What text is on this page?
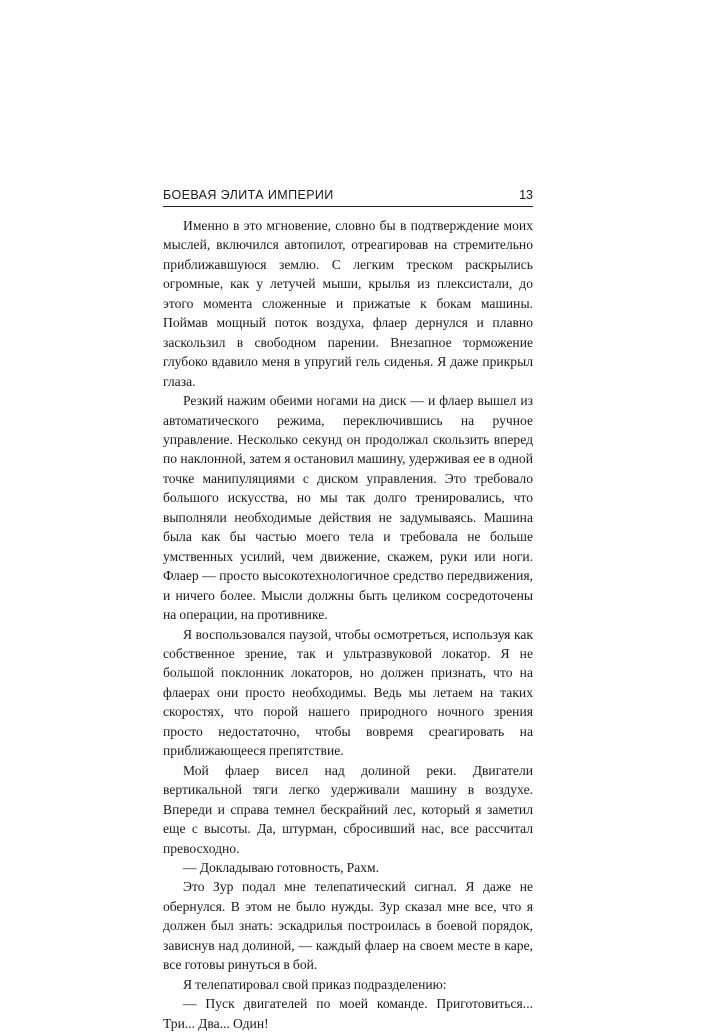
БОЕВАЯ ЭЛИТА ИМПЕРИИ	13

Именно в это мгновение, словно бы в подтверждение моих мыслей, включился автопилот, отреагировав на стремительно приближавшуюся землю. С легким треском раскрылись огромные, как у летучей мыши, крылья из плексистали, до этого момента сложенные и прижатые к бокам машины. Поймав мощный поток воздуха, флаер дернулся и плавно заскользил в свободном парении. Внезапное торможение глубоко вдавило меня в упругий гель сиденья. Я даже прикрыл глаза.

Резкий нажим обеими ногами на диск — и флаер вышел из автоматического режима, переключившись на ручное управление. Несколько секунд он продолжал скользить вперед по наклонной, затем я остановил машину, удерживая ее в одной точке манипуляциями с диском управления. Это требовало большого искусства, но мы так долго тренировались, что выполняли необходимые действия не задумываясь. Машина была как бы частью моего тела и требовала не больше умственных усилий, чем движение, скажем, руки или ноги. Флаер — просто высокотехнологичное средство передвижения, и ничего более. Мысли должны быть целиком сосредоточены на операции, на противнике.

Я воспользовался паузой, чтобы осмотреться, используя как собственное зрение, так и ультразвуковой локатор. Я не большой поклонник локаторов, но должен признать, что на флаерах они просто необходимы. Ведь мы летаем на таких скоростях, что порой нашего природного ночного зрения просто недостаточно, чтобы вовремя среагировать на приближающееся препятствие.

Мой флаер висел над долиной реки. Двигатели вертикальной тяги легко удерживали машину в воздухе. Впереди и справа темнел бескрайний лес, который я заметил еще с высоты. Да, штурман, сбросивший нас, все рассчитал превосходно.

— Докладываю готовность, Рахм.

Это Зур подал мне телепатический сигнал. Я даже не обернулся. В этом не было нужды. Зур сказал мне все, что я должен был знать: эскадрилья построилась в боевой порядок, зависнув над долиной, — каждый флаер на своем месте в каре, все готовы ринуться в бой.

Я телепатировал свой приказ подразделению:

— Пуск двигателей по моей команде. Приготовиться... Три... Два... Один!
